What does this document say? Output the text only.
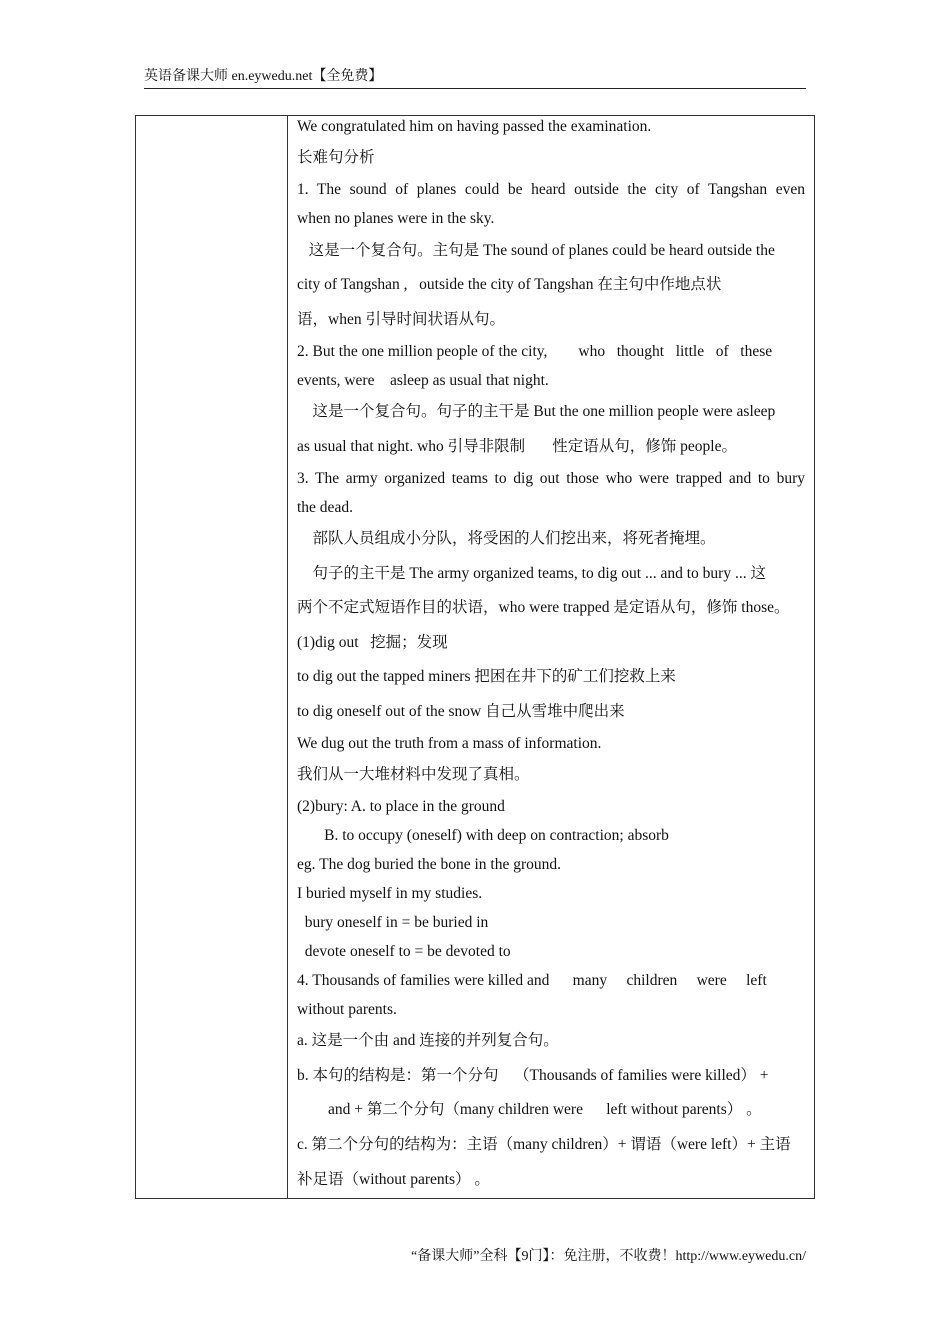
英语备课大师 en.eywedu.net【全免费】
We congratulated him on having passed the examination.
长难句分析
1. The sound of planes could be heard outside the city of Tangshan even
when no planes were in the sky.
这是一个复合句。主句是 The sound of planes could be heard outside the
city of Tangshan ,   outside the city of Tangshan 在主句中作地点状
语，when 引导时间状语从句。
2. But the one million people of the city,        who   thought   little   of   these
events, were    asleep as usual that night.
这是一个复合句。句子的主干是 But the one million people were asleep
as usual that night. who 引导非限制       性定语从句，修饰 people。
3. The army organized teams to dig out those who were trapped and to bury
the dead.
部队人员组成小分队，将受困的人们挖出来，将死者掩埋。
句子的主干是 The army organized teams, to dig out ... and to bury ... 这
两个不定式短语作目的状语，who were trapped 是定语从句，修饰 those。
(1)dig out   挖掘；发现
to dig out the tapped miners 把困在井下的矿工们挖救上来
to dig oneself out of the snow 自己从雪堆中爬出来
We dug out the truth from a mass of information.
我们从一大堆材料中发现了真相。
(2)bury: A. to place in the ground
B. to occupy (oneself) with deep on contraction; absorb
eg. The dog buried the bone in the ground.
I buried myself in my studies.
bury oneself in = be buried in
devote oneself to = be devoted to
4. Thousands of families were killed and      many     children     were     left
without parents.
a. 这是一个由 and 连接的并列复合句。
b. 本句的结构是：第一个分句    （Thousands of families were killed） +
and + 第二个分句（many children were      left without parents） 。
c. 第二个分句的结构为：主语（many children）+ 谓语（were left）+ 主语
补足语（without parents） 。
“备课大师”全科【9门】：免注册，不收费！http://www.eywedu.cn/
